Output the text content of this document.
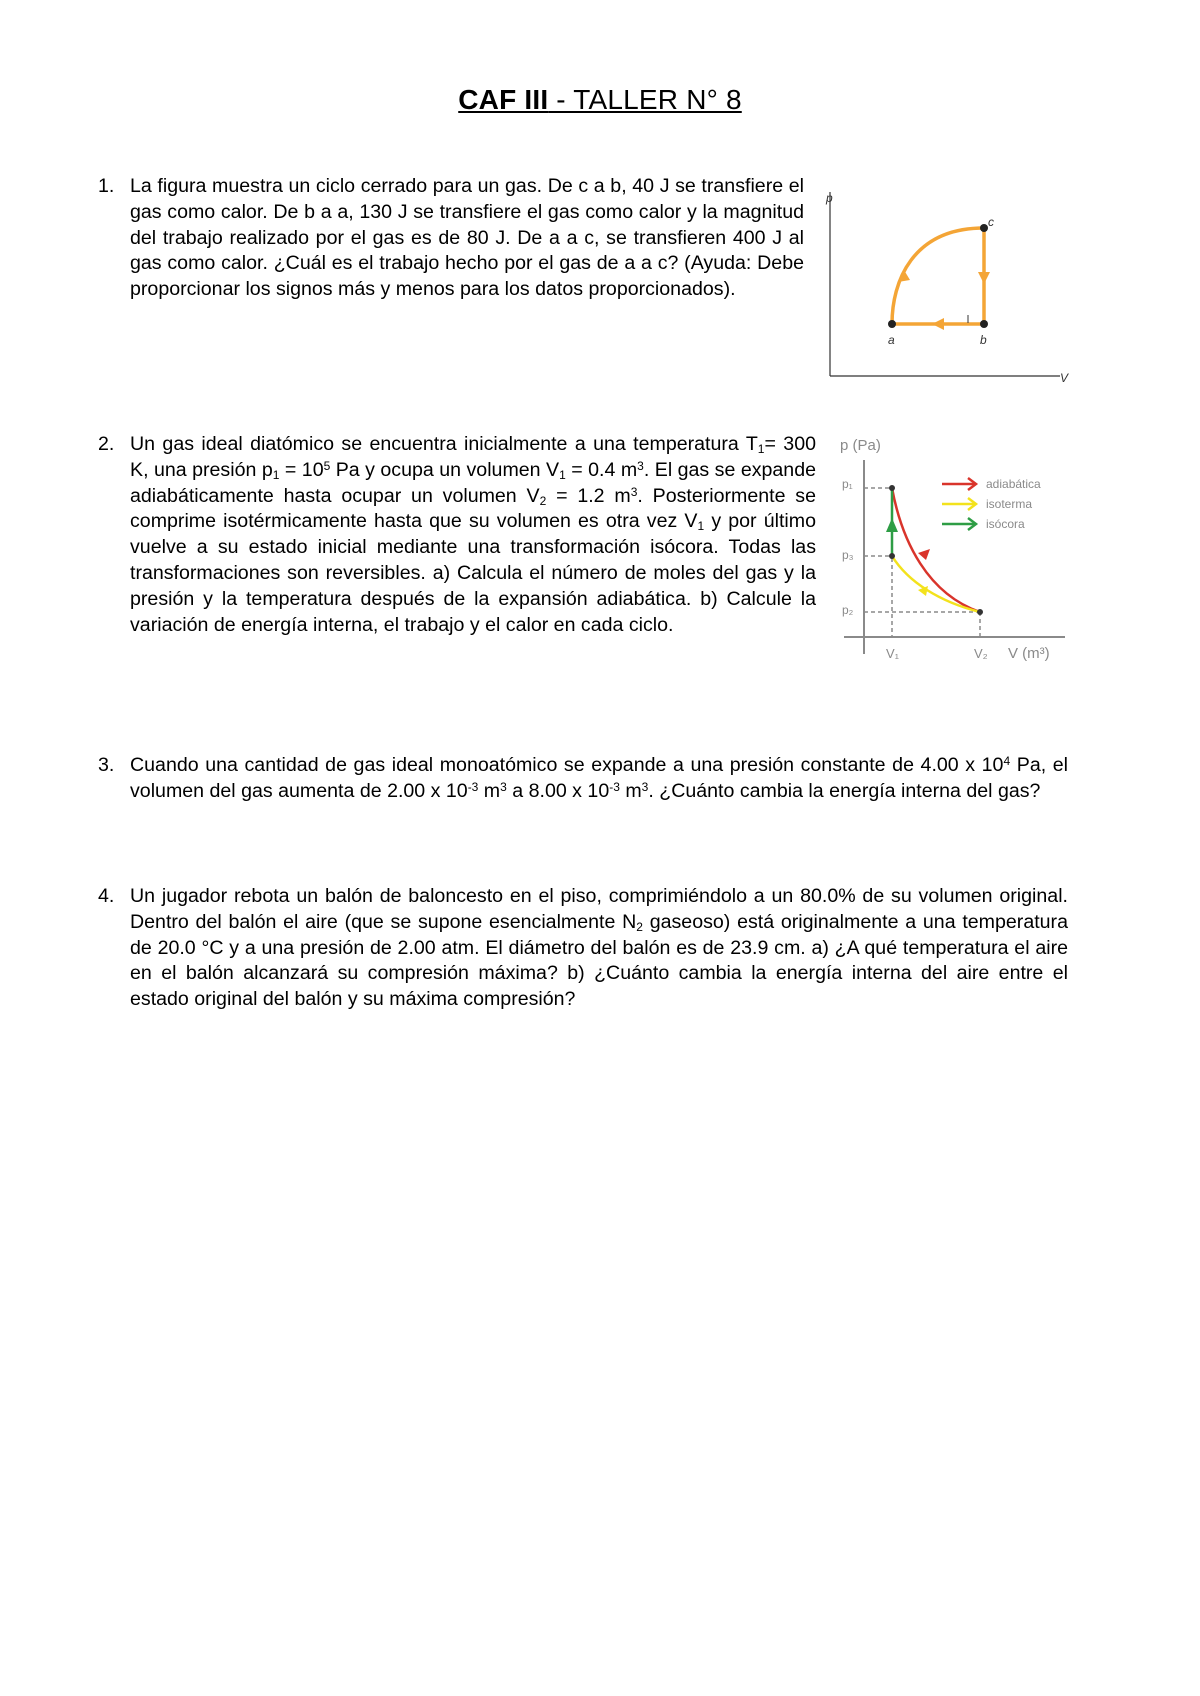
CAF III - TALLER N° 8
1. La figura muestra un ciclo cerrado para un gas. De c a b, 40 J se transfiere el gas como calor. De b a a, 130 J se transfiere el gas como calor y la magnitud del trabajo realizado por el gas es de 80 J. De a a c, se transfieren 400 J al gas como calor. ¿Cuál es el trabajo hecho por el gas de a a c? (Ayuda: Debe proporcionar los signos más y menos para los datos proporcionados).
p
V
a	b
c
2. Un gas ideal diatómico se encuentra inicialmente a una temperatura $T_1= 300$ K, una presión $p_1 = 10^5$ Pa y ocupa un volumen $V_1 = 0.4$ $m^3$. El gas se expande adiabáticamente hasta ocupar un volumen $V_2 = 1.2$ $m^3$. Posteriormente se comprime isotérmicamente hasta que su volumen es otra vez $V_1$ y por último vuelve a su estado inicial mediante una transformación isócora. Todas las transformaciones son reversibles. a) Calcula el número de moles del gas y la presión y la temperatura después de la expansión adiabática. b) Calcule la variación de energía interna, el trabajo y el calor en cada ciclo.
p (Pa)
p₁
p₃
p₂
V₁	V₂ V (m³)
adiabática
isoterma
isócora
3. Cuando una cantidad de gas ideal monoatómico se expande a una presión constante de 4.00 x $10^4$ Pa, el volumen del gas aumenta de 2.00 x $10^{-3}$ $m^3$ a 8.00 x $10^{-3}$ $m^3$. ¿Cuánto cambia la energía interna del gas?
4. Un jugador rebota un balón de baloncesto en el piso, comprimiéndolo a un 80.0% de su volumen original. Dentro del balón el aire (que se supone esencialmente $N_2$ gaseoso) está originalmente a una temperatura de 20.0 °C y a una presión de 2.00 atm. El diámetro del balón es de 23.9 cm. a) ¿A qué temperatura el aire en el balón alcanzará su compresión máxima? b) ¿Cuánto cambia la energía interna del aire entre el estado original del balón y su máxima compresión?
